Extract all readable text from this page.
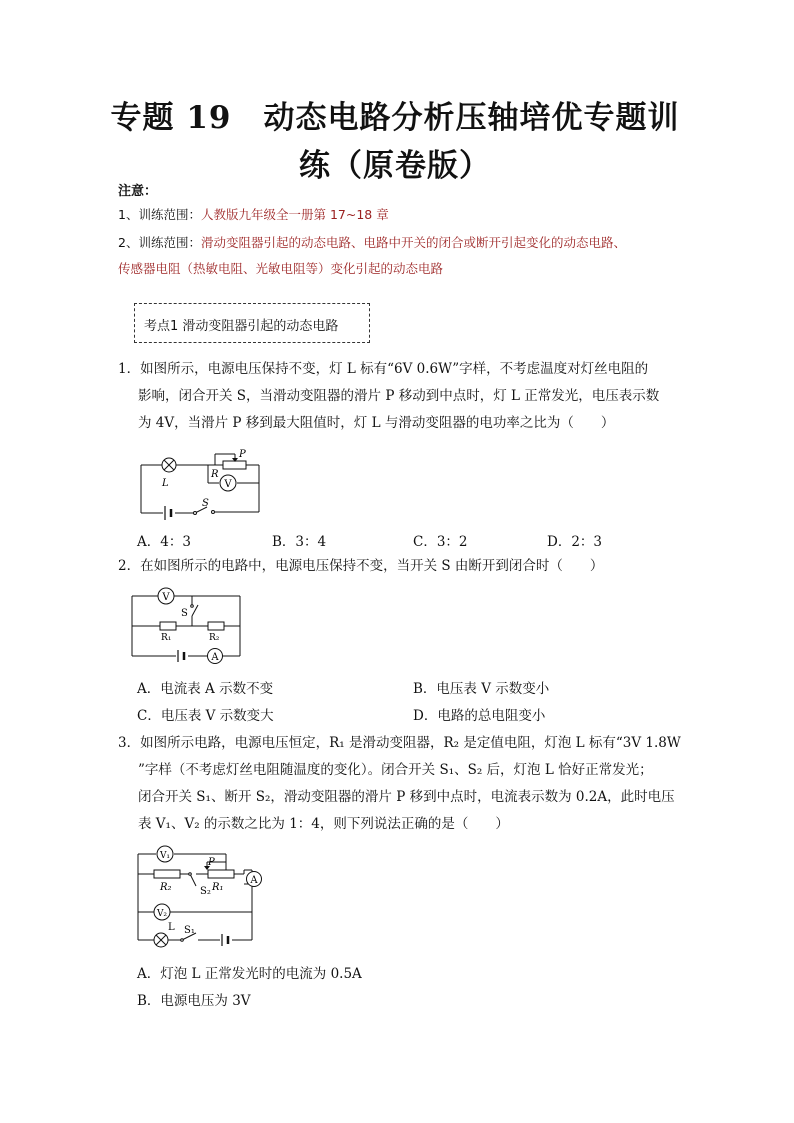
专题 19　动态电路分析压轴培优专题训
练（原卷版）
注意：
1、训练范围：人教版九年级全一册第 17~18 章
2、训练范围：滑动变阻器引起的动态电路、电路中开关的闭合或断开引起变化的动态电路、
传感器电阻（热敏电阻、光敏电阻等）变化引起的动态电路
考点1 滑动变阻器引起的动态电路
1．如图所示，电源电压保持不变，灯 L 标有“6V 0.6W”字样，不考虑温度对灯丝电阻的
影响，闭合开关 S，当滑动变阻器的滑片 P 移动到中点时，灯 L 正常发光，电压表示数
为 4V，当滑片 P 移到最大阻值时，灯 L 与滑动变阻器的电功率之比为（　　）
V
L
R
P
S
A．4：3	B．3：4	C．3：2	D．2：3
2．在如图所示的电路中，电源电压保持不变，当开关 S 由断开到闭合时（　　）
V
A
S
R₁	R₂
A．电流表 A 示数不变	B．电压表 V 示数变小
C．电压表 V 示数变大	D．电路的总电阻变小
3．如图所示电路，电源电压恒定，R₁ 是滑动变阻器，R₂ 是定值电阻，灯泡 L 标有“3V 1.8W
”字样（不考虑灯丝电阻随温度的变化）。闭合开关 S₁、S₂ 后，灯泡 L 恰好正常发光；
闭合开关 S₁、断开 S₂，滑动变阻器的滑片 P 移到中点时，电流表示数为 0.2A，此时电压
表 V₁、V₂ 的示数之比为 1：4，则下列说法正确的是（　　）
V₁
A
V₂
R₂	R₁
P
S₂
S₁
L
A．灯泡 L 正常发光时的电流为 0.5A
B．电源电压为 3V
